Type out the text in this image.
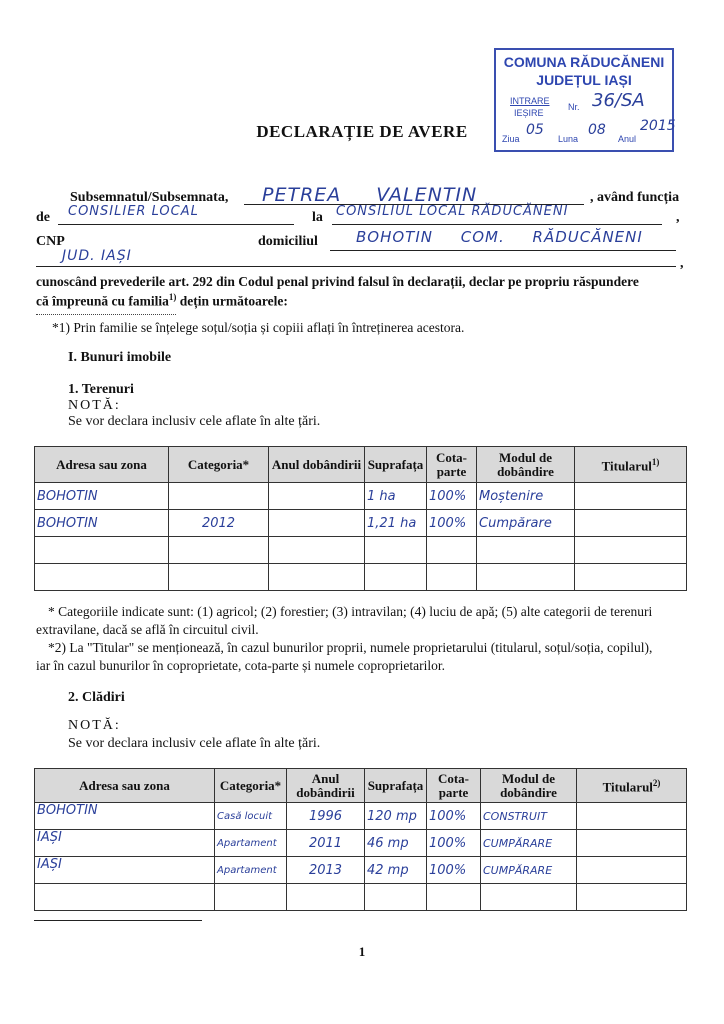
COMUNA RĂDUCĂNENI
JUDEȚUL IAȘI
INTRARE
IEȘIRE
Nr. 36/SA
Ziua
05
Luna
08
Anul
2015
DECLARAȚIE DE AVERE
Subsemnatul/Subsemnata, PETREA VALENTIN	, având funcția
de CONSILIER LOCAL	la CONSILIUL LOCAL RĂDUCĂNENI	,
CNP	domiciliul	BOHOTIN COM. RĂDUCĂNENI
JUD. IAȘI	,
cunoscând prevederile art. 292 din Codul penal privind falsul în declarații, declar pe propriu răspundere
că împreună cu familia$^{1)}$ dețin următoarele:
*1) Prin familie se înțelege soțul/soția și copiii aflați în întreținerea acestora.
I. Bunuri imobile
1. Terenuri
NOTĂ:
Se vor declara inclusiv cele aflate în alte țări.
Adresa sau zona	Categoria*	Anul dobândirii	Suprafața	Cota-parte	Modul de dobândire	Titularul$^{1)}$
BOHOTIN			1 ha	100%	Moștenire	
BOHOTIN	2012		1,21 ha	100%	Cumpărare	

* Categoriile indicate sunt: (1) agricol; (2) forestier; (3) intravilan; (4) luciu de apă; (5) alte categorii de terenuri
extravilane, dacă se află în circuitul civil.
*2) La "Titular" se menționează, în cazul bunurilor proprii, numele proprietarului (titularul, soțul/soția, copilul),
iar în cazul bunurilor în coproprietate, cota-parte și numele coproprietarilor.
2. Clădiri
NOTĂ:
Se vor declara inclusiv cele aflate în alte țări.
Adresa sau zona	Categoria*	Anul dobândirii	Suprafața	Cota-parte	Modul de dobândire	Titularul$^{2)}$
BOHOTIN	Casă locuit	1996	120 mp	100%	CONSTRUIT	
IAȘI	Apartament	2011	46 mp	100%	CUMPĂRARE	
IAȘI	Apartament	2013	42 mp	100%	CUMPĂRARE	

1
